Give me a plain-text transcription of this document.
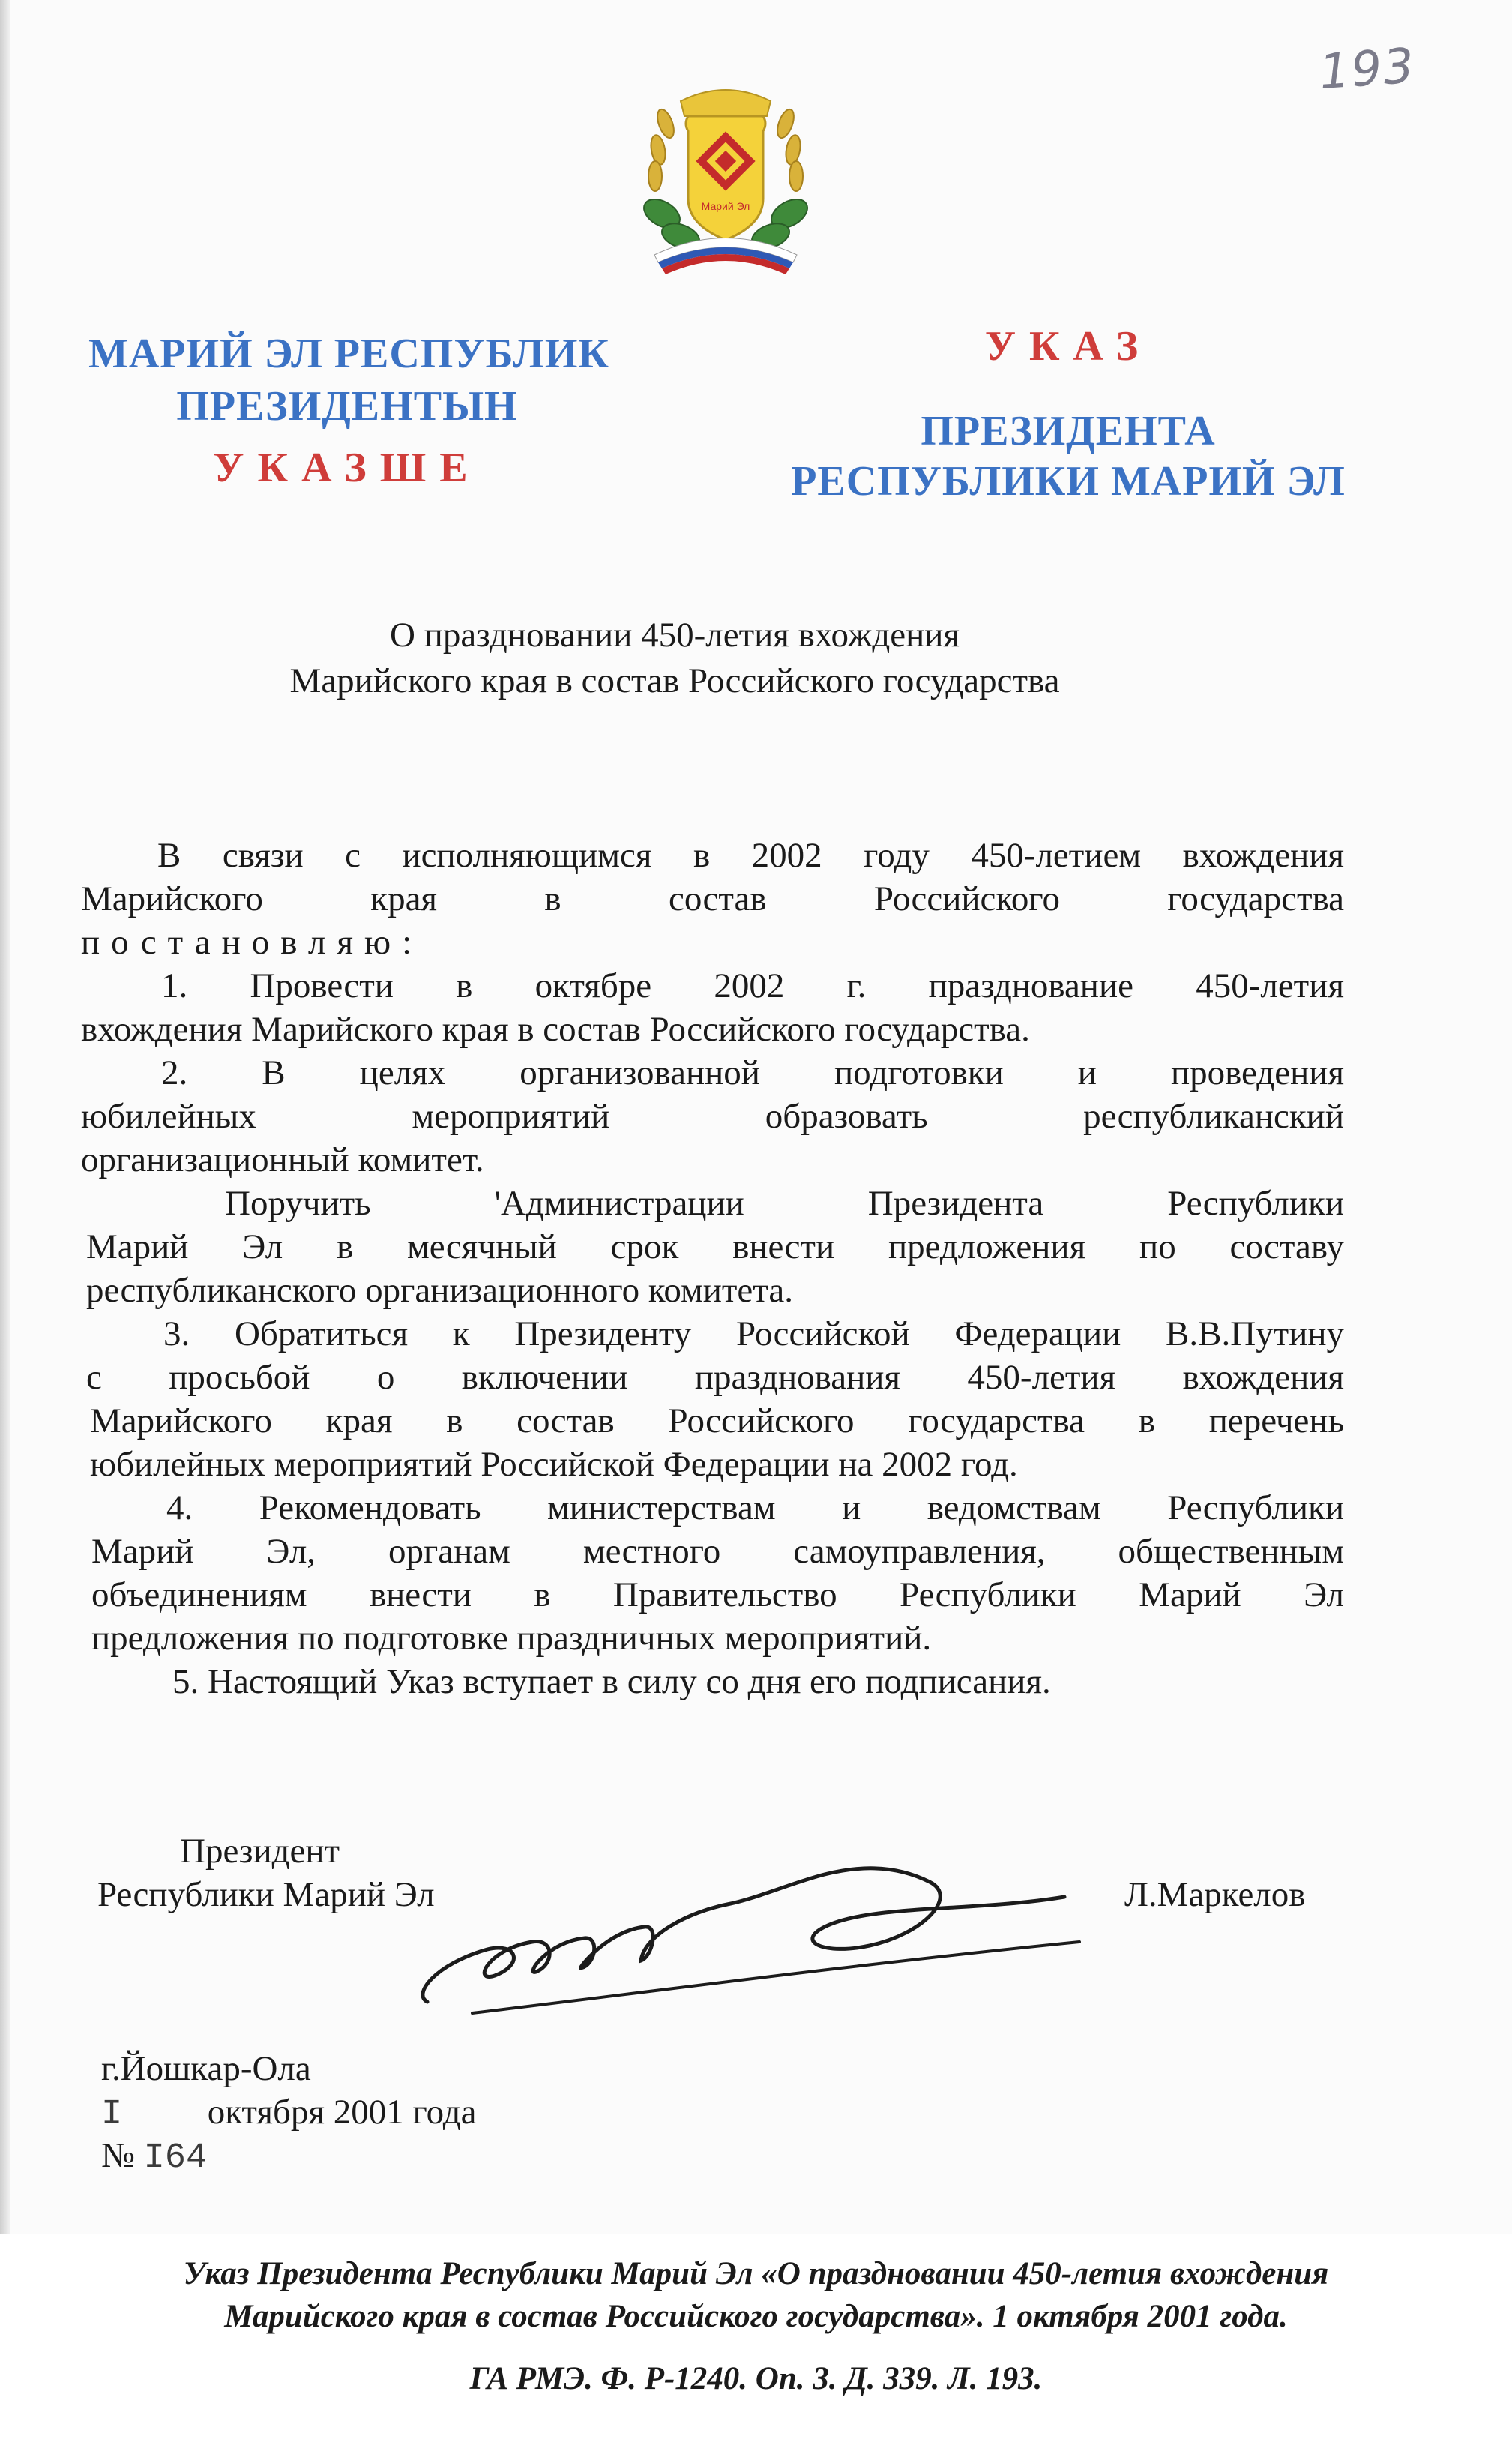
193
Марий Эл
МАРИЙ ЭЛ РЕСПУБЛИК
ПРЕЗИДЕНТЫН
УКАЗШЕ
УКАЗ
ПРЕЗИДЕНТА
РЕСПУБЛИКИ МАРИЙ ЭЛ
О праздновании 450-летия вхождения
Марийского края в состав Российского государства
В связи с исполняющимся в 2002 году 450-летием вхождения
Марийского края в состав Российского государства
постановляю:
1. Провести в октябре 2002 г. празднование 450-летия
вхождения Марийского края в состав Российского государства.
2. В целях организованной подготовки и проведения
юбилейных мероприятий образовать республиканский
организационный комитет.
Поручить 'Администрации Президента Республики
Марий Эл в месячный срок внести предложения по составу
республиканского организационного комитета.
3. Обратиться к Президенту Российской Федерации В.В.Путину
с просьбой о включении празднования 450-летия вхождения
Марийского края в состав Российского государства в перечень
юбилейных мероприятий Российской Федерации на 2002 год.
4. Рекомендовать министерствам и ведомствам Республики
Марий Эл, органам местного самоуправления, общественным
объединениям внести в Правительство Республики Марий Эл
предложения по подготовке праздничных мероприятий.
5. Настоящий Указ вступает в силу со дня его подписания.
Президент
Республики Марий Эл	Л.Маркелов
г.Йошкар-Ола
I октября 2001 года
№ I64
Указ Президента Республики Марий Эл «О праздновании 450-летия вхождения
Марийского края в состав Российского государства». 1 октября 2001 года.
ГА РМЭ. Ф. Р-1240. Оп. 3. Д. 339. Л. 193.
